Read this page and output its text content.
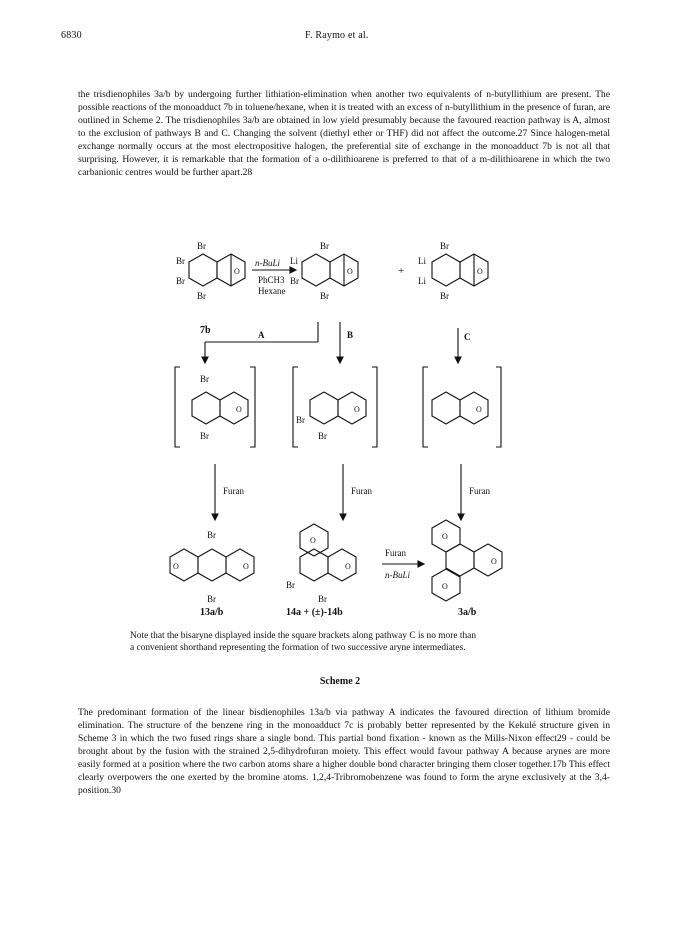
6830	F. Raymo et al.

the trisdienophiles 3a/b by undergoing further lithiation-elimination when another two equivalents of n-butyllithium are present. The possible reactions of the monoadduct 7b in toluene/hexane, when it is treated with an excess of n-butyllithium in the presence of furan, are outlined in Scheme 2. The trisdienophiles 3a/b are obtained in low yield presumably because the favoured reaction pathway is A, almost to the exclusion of pathways B and C. Changing the solvent (diethyl ether or THF) did not affect the outcome.27 Since halogen-metal exchange normally occurs at the most electropositive halogen, the preferential site of exchange in the monoadduct 7b is not all that surprising. However, it is remarkable that the formation of a o-dilithioarene is preferred to that of a m-dilithioarene in which the two carbanionic centres would be further apart.28

Br
Br
Br
Br
O
7b
n-BuLi
PhCH3
Hexane
Br
Li
Br
Br
O	+
Br
Li
Li
Br
O
A	B	C
Br
Br
O
Br
Br
O	O
Furan	Furan	Furan
Br
Br
O	O
Br
Br
O
O
Furan
n-BuLi
O
O
O
13a/b	14a + (±)-14b	3a/b

Note that the bisaryne displayed inside the square brackets along pathway C is no more than

a convenient shorthand representing the formation of two successive aryne intermediates.

Scheme 2

The predominant formation of the linear bisdienophiles 13a/b via pathway A indicates the favoured direction of lithium bromide elimination. The structure of the benzene ring in the monoadduct 7c is probably better represented by the Kekulé structure given in Scheme 3 in which the two fused rings share a single bond. This partial bond fixation - known as the Mills-Nixon effect29 - could be brought about by the fusion with the strained 2,5-dihydrofuran moiety. This effect would favour pathway A because arynes are more easily formed at a position where the two carbon atoms share a higher double bond character bringing them closer together.17b This effect clearly overpowers the one exerted by the bromine atoms. 1,2,4-Tribromobenzene was found to form the aryne exclusively at the 3,4-position.30
